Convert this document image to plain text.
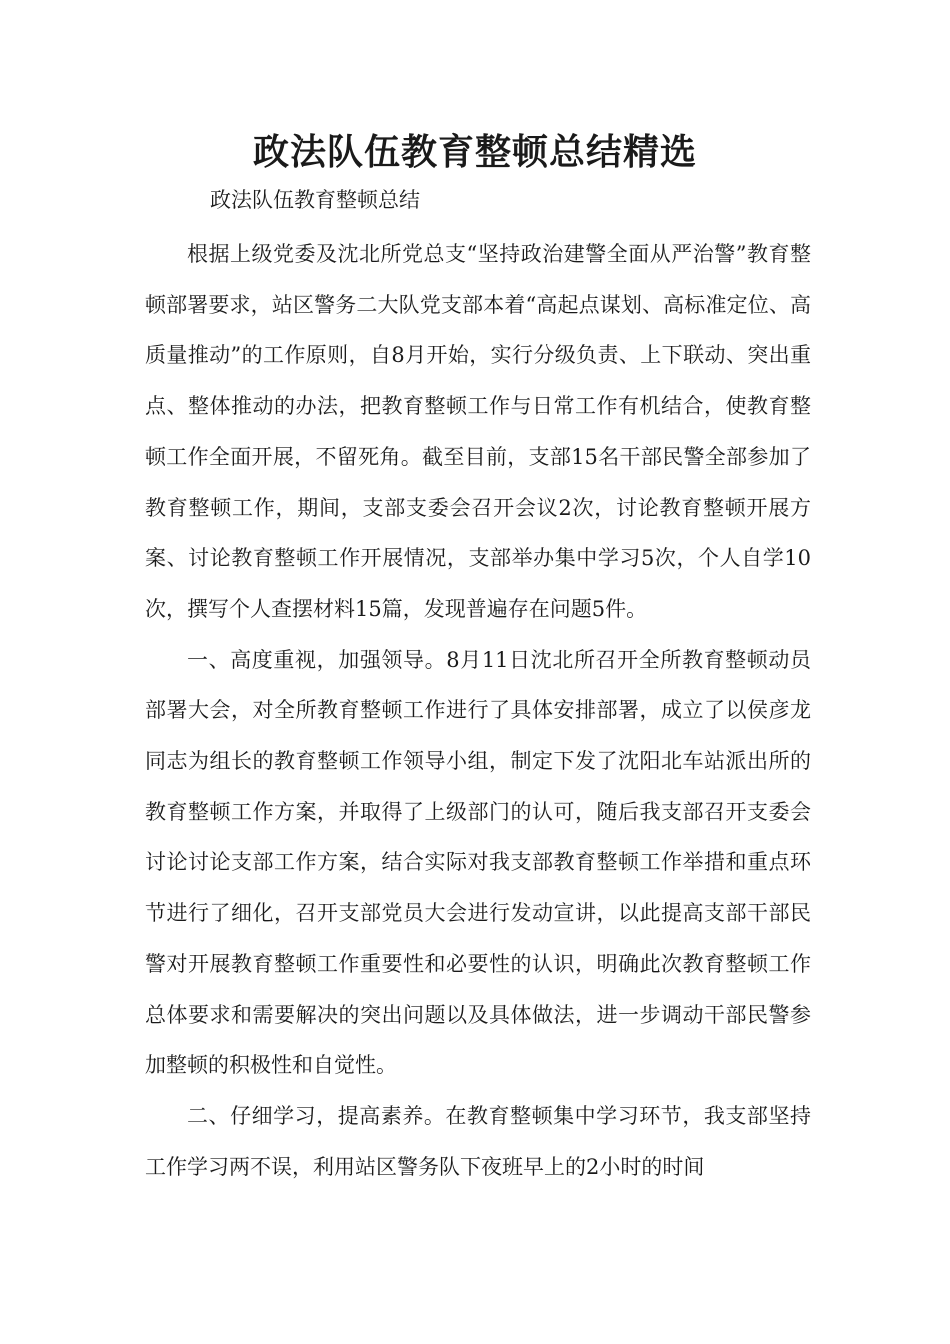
政法队伍教育整顿总结精选

政法队伍教育整顿总结

根据上级党委及沈北所党总支“坚持政治建警全面从严治警”教育整顿部署要求，站区警务二大队党支部本着“高起点谋划、高标准定位、高质量推动”的工作原则，自8月开始，实行分级负责、上下联动、突出重点、整体推动的办法，把教育整顿工作与日常工作有机结合，使教育整顿工作全面开展，不留死角。截至目前，支部15名干部民警全部参加了教育整顿工作，期间，支部支委会召开会议2次，讨论教育整顿开展方案、讨论教育整顿工作开展情况，支部举办集中学习5次，个人自学10次，撰写个人查摆材料15篇，发现普遍存在问题5件。

一、高度重视，加强领导。8月11日沈北所召开全所教育整顿动员部署大会，对全所教育整顿工作进行了具体安排部署，成立了以侯彦龙同志为组长的教育整顿工作领导小组，制定下发了沈阳北车站派出所的教育整顿工作方案，并取得了上级部门的认可，随后我支部召开支委会讨论讨论支部工作方案，结合实际对我支部教育整顿工作举措和重点环节进行了细化，召开支部党员大会进行发动宣讲，以此提高支部干部民警对开展教育整顿工作重要性和必要性的认识，明确此次教育整顿工作总体要求和需要解决的突出问题以及具体做法，进一步调动干部民警参加整顿的积极性和自觉性。

二、仔细学习，提高素养。在教育整顿集中学习环节，我支部坚持工作学习两不误，利用站区警务队下夜班早上的2小时的时间
